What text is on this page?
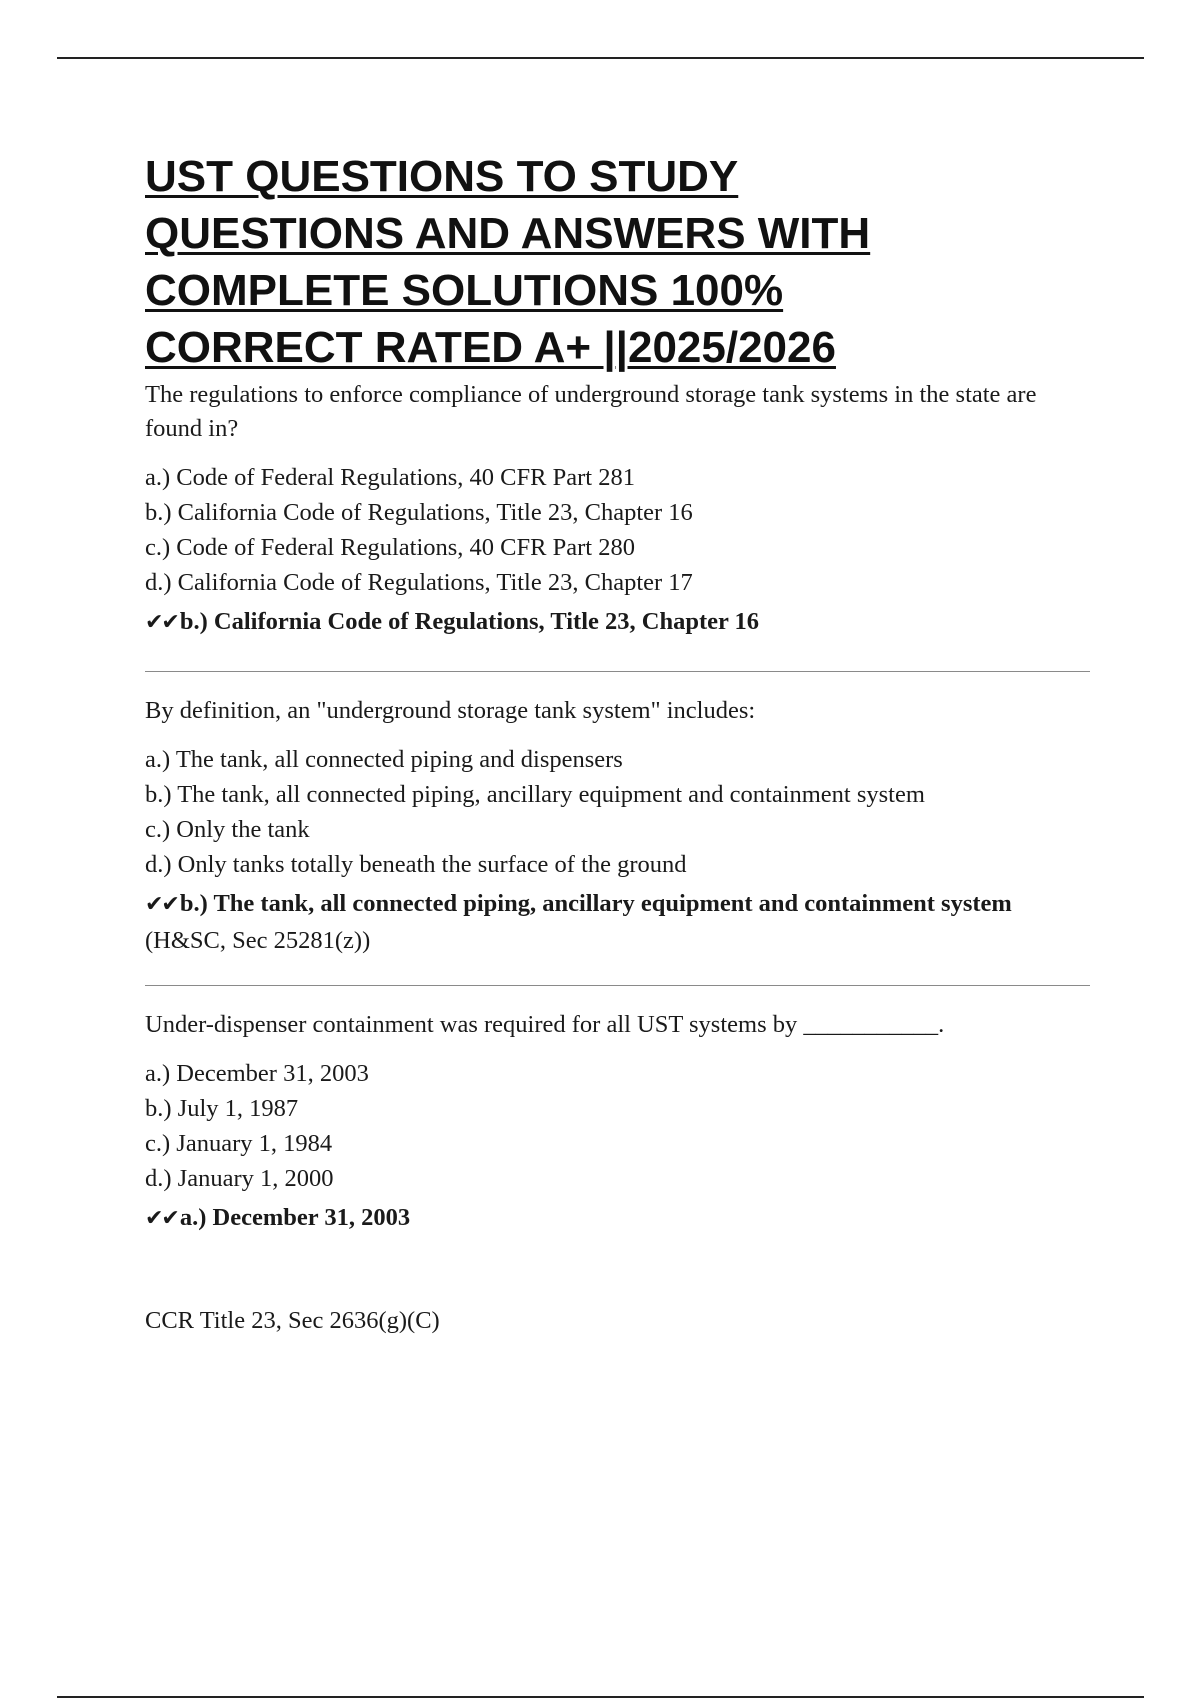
UST QUESTIONS TO STUDY
QUESTIONS AND ANSWERS WITH
COMPLETE SOLUTIONS 100%
CORRECT RATED A+ ||2025/2026

The regulations to enforce compliance of underground storage tank systems in the state are found in?

a.) Code of Federal Regulations, 40 CFR Part 281
b.) California Code of Regulations, Title 23, Chapter 16
c.) Code of Federal Regulations, 40 CFR Part 280
d.) California Code of Regulations, Title 23, Chapter 17
✔✔b.) California Code of Regulations, Title 23, Chapter 16

By definition, an "underground storage tank system" includes:

a.) The tank, all connected piping and dispensers
b.) The tank, all connected piping, ancillary equipment and containment system
c.) Only the tank
d.) Only tanks totally beneath the surface of the ground
✔✔b.) The tank, all connected piping, ancillary equipment and containment system
(H&SC, Sec 25281(z))

Under-dispenser containment was required for all UST systems by ___________.

a.) December 31, 2003
b.) July 1, 1987
c.) January 1, 1984
d.) January 1, 2000
✔✔a.) December 31, 2003
CCR Title 23, Sec 2636(g)(C)
